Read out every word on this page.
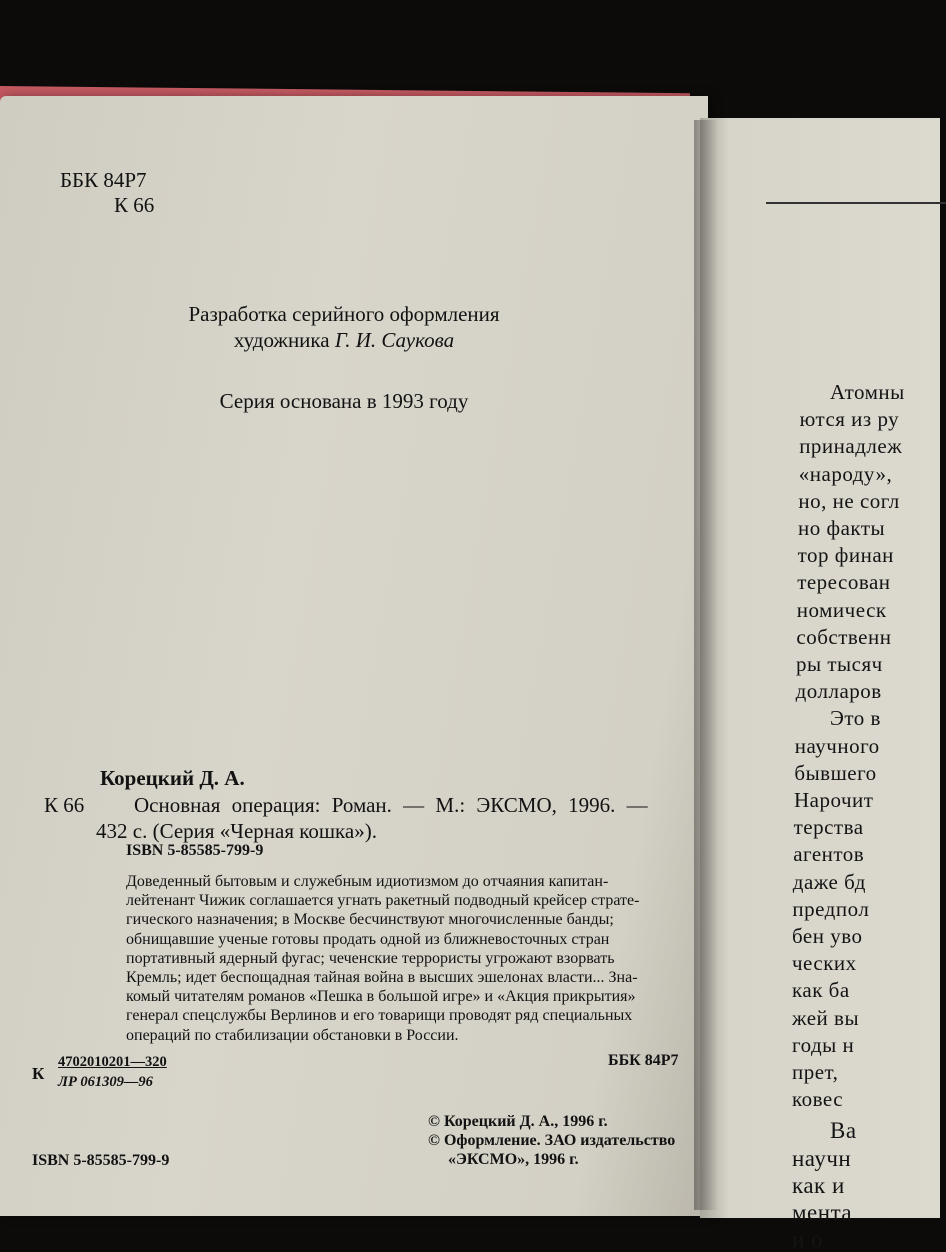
ББК 84Р7
К 66
Разработка серийного оформления
художника Г. И. Саукова
Серия основана в 1993 году
Корецкий Д. А.
К 66 Основная операция: Роман. — М.: ЭКСМО, 1996. —
432 с. (Серия «Черная кошка»).
ISBN 5-85585-799-9
Доведенный бытовым и служебным идиотизмом до отчаяния капитан-
лейтенант Чижик соглашается угнать ракетный подводный крейсер страте-
гического назначения; в Москве бесчинствуют многочисленные банды;
обнищавшие ученые готовы продать одной из ближневосточных стран
портативный ядерный фугас; чеченские террористы угрожают взорвать
Кремль; идет беспощадная тайная война в высших эшелонах власти... Зна-
комый читателям романов «Пешка в большой игре» и «Акция прикрытия»
генерал спецслужбы Верлинов и его товарищи проводят ряд специальных
операций по стабилизации обстановки в России.
К
4702010201—320
ЛР 061309—96
ББК 84Р7
© Корецкий Д. А., 1996 г.
© Оформление. ЗАО издательство
«ЭКСМО», 1996 г.
ISBN 5-85585-799-9
Атомны
ются из ру
принадлеж
«народу»,
но, не согл
но факты
тор финан
тересован
номическ
собственн
ры тысяч
долларов
Это в
научного
бывшего
Нарочит
терства
агентов
даже бд
предпол
бен уво
ческих
как ба
жей вы
годы н
прет,
ковес
Ва
научн
как и
мента
и о
